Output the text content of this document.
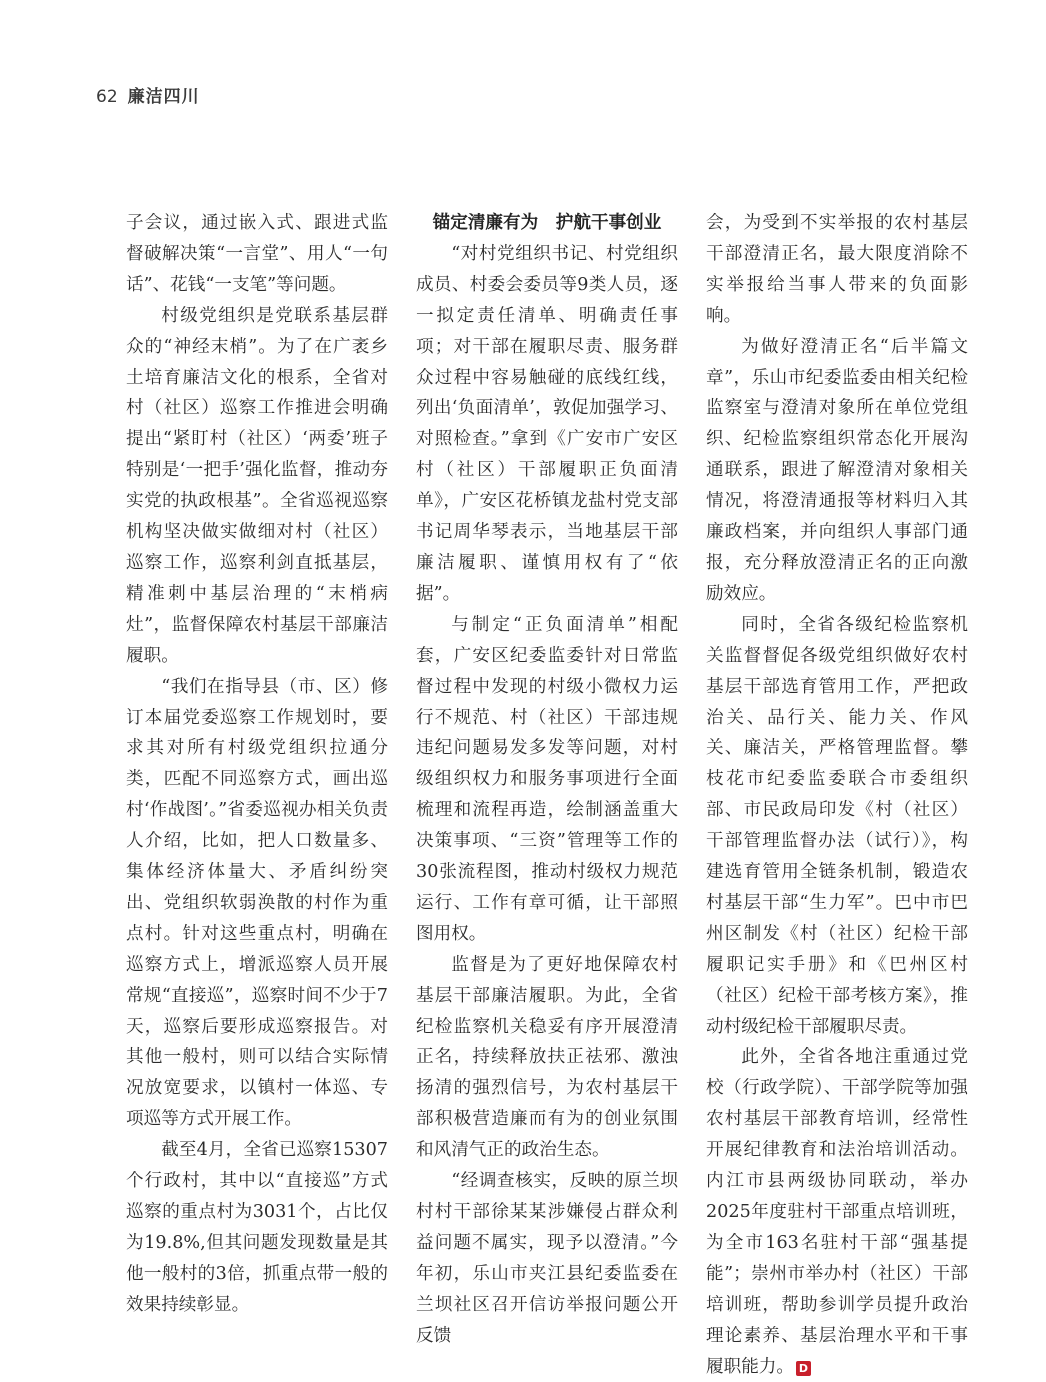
62 廉洁四川

子会议，通过嵌入式、跟进式监督破解决策“一言堂”、用人“一句话”、花钱“一支笔”等问题。

村级党组织是党联系基层群众的“神经末梢”。为了在广袤乡土培育廉洁文化的根系，全省对村（社区）巡察工作推进会明确提出“紧盯村（社区）‘两委’班子特别是‘一把手’强化监督，推动夯实党的执政根基”。全省巡视巡察机构坚决做实做细对村（社区）巡察工作，巡察利剑直抵基层，精准刺中基层治理的“末梢病灶”，监督保障农村基层干部廉洁履职。

“我们在指导县（市、区）修订本届党委巡察工作规划时，要求其对所有村级党组织拉通分类，匹配不同巡察方式，画出巡村‘作战图’。”省委巡视办相关负责人介绍，比如，把人口数量多、集体经济体量大、矛盾纠纷突出、党组织软弱涣散的村作为重点村。针对这些重点村，明确在巡察方式上，增派巡察人员开展常规“直接巡”，巡察时间不少于7天，巡察后要形成巡察报告。对其他一般村，则可以结合实际情况放宽要求，以镇村一体巡、专项巡等方式开展工作。

截至4月，全省已巡察15307个行政村，其中以“直接巡”方式巡察的重点村为3031个，占比仅为19.8%,但其问题发现数量是其他一般村的3倍，抓重点带一般的效果持续彰显。

锚定清廉有为　护航干事创业

“对村党组织书记、村党组织成员、村委会委员等9类人员，逐一拟定责任清单、明确责任事项；对干部在履职尽责、服务群众过程中容易触碰的底线红线，列出‘负面清单’，敦促加强学习、对照检查。”拿到《广安市广安区村（社区）干部履职正负面清单》，广安区花桥镇龙盐村党支部书记周华琴表示，当地基层干部廉洁履职、谨慎用权有了“依据”。

与制定“正负面清单”相配套，广安区纪委监委针对日常监督过程中发现的村级小微权力运行不规范、村（社区）干部违规违纪问题易发多发等问题，对村级组织权力和服务事项进行全面梳理和流程再造，绘制涵盖重大决策事项、“三资”管理等工作的30张流程图，推动村级权力规范运行、工作有章可循，让干部照图用权。

监督是为了更好地保障农村基层干部廉洁履职。为此，全省纪检监察机关稳妥有序开展澄清正名，持续释放扶正祛邪、激浊扬清的强烈信号，为农村基层干部积极营造廉而有为的创业氛围和风清气正的政治生态。

“经调查核实，反映的原兰坝村村干部徐某某涉嫌侵占群众利益问题不属实，现予以澄清。”今年初，乐山市夹江县纪委监委在兰坝社区召开信访举报问题公开反馈

会，为受到不实举报的农村基层干部澄清正名，最大限度消除不实举报给当事人带来的负面影响。

为做好澄清正名“后半篇文章”，乐山市纪委监委由相关纪检监察室与澄清对象所在单位党组织、纪检监察组织常态化开展沟通联系，跟进了解澄清对象相关情况，将澄清通报等材料归入其廉政档案，并向组织人事部门通报，充分释放澄清正名的正向激励效应。

同时，全省各级纪检监察机关监督督促各级党组织做好农村基层干部选育管用工作，严把政治关、品行关、能力关、作风关、廉洁关，严格管理监督。攀枝花市纪委监委联合市委组织部、市民政局印发《村（社区）干部管理监督办法（试行）》，构建选育管用全链条机制，锻造农村基层干部“生力军”。巴中市巴州区制发《村（社区）纪检干部履职记实手册》和《巴州区村（社区）纪检干部考核方案》，推动村级纪检干部履职尽责。

此外，全省各地注重通过党校（行政学院）、干部学院等加强农村基层干部教育培训，经常性开展纪律教育和法治培训活动。内江市县两级协同联动，举办2025年度驻村干部重点培训班，为全市163名驻村干部“强基提能”；崇州市举办村（社区）干部培训班，帮助参训学员提升政治理论素养、基层治理水平和干事履职能力。 D
